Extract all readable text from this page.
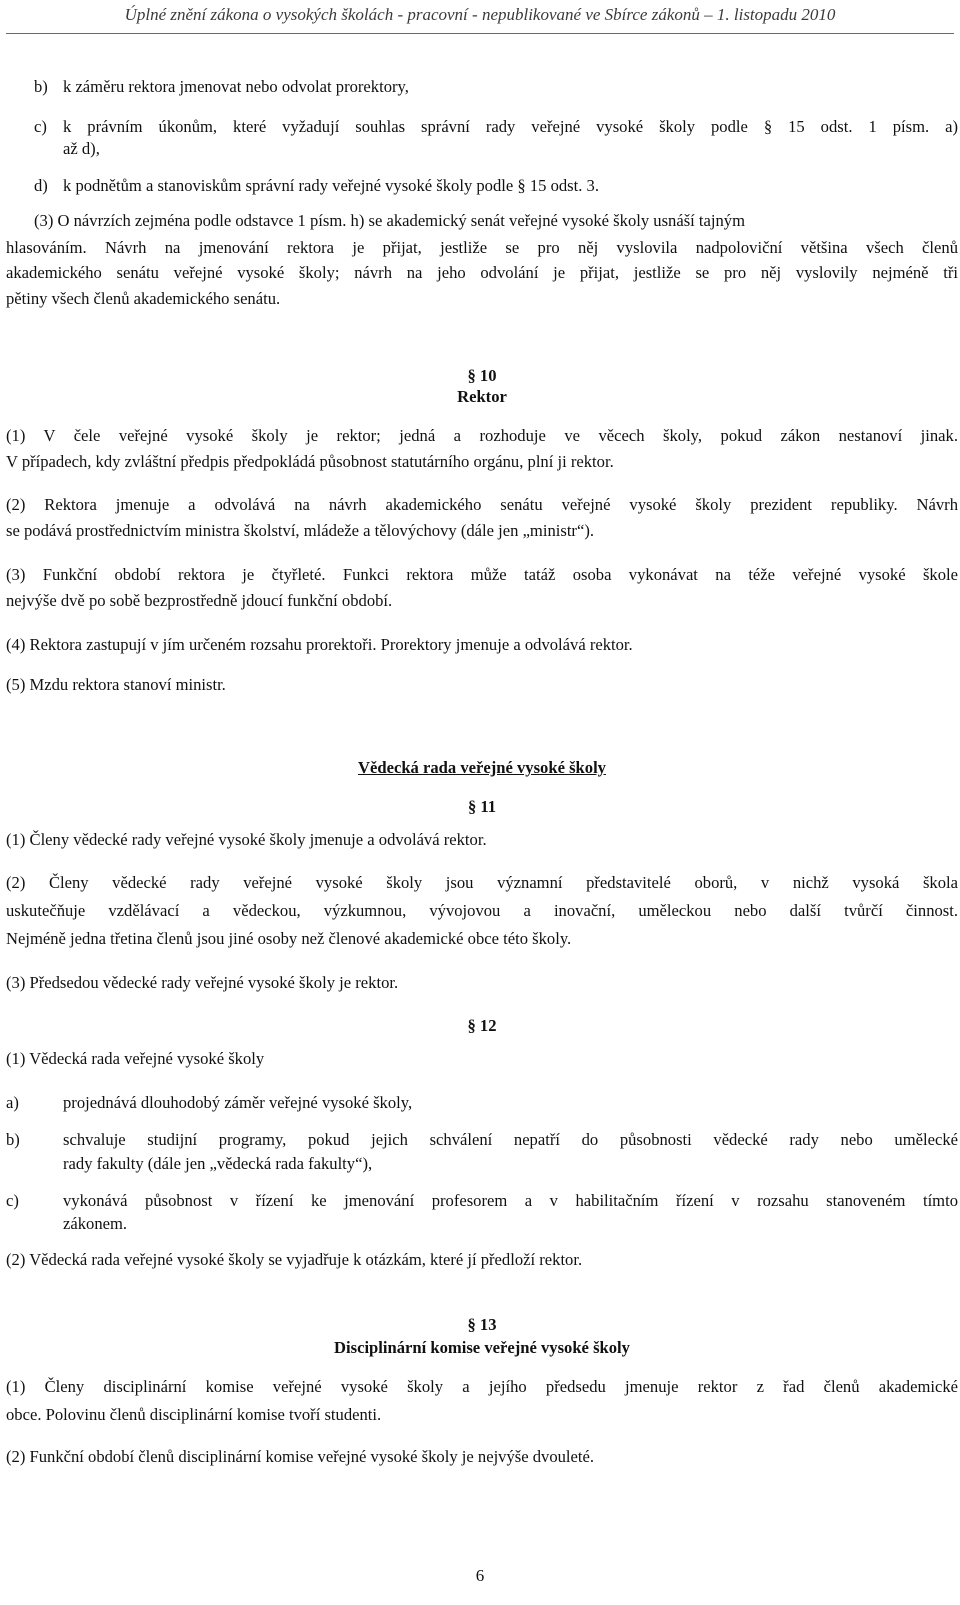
Úplné znění zákona o vysokých školách - pracovní - nepublikované ve Sbírce zákonů – 1. listopadu 2010
b) k záměru rektora jmenovat nebo odvolat prorektory,
c) k právním úkonům, které vyžadují souhlas správní rady veřejné vysoké školy podle § 15 odst. 1 písm. a)
až d),
d) k podnětům a stanoviskům správní rady veřejné vysoké školy podle § 15 odst. 3.
(3) O návrzích zejména podle odstavce 1 písm. h) se akademický senát veřejné vysoké školy usnáší tajným
hlasováním. Návrh na jmenování rektora je přijat, jestliže se pro něj vyslovila nadpoloviční většina všech členů
akademického senátu veřejné vysoké školy; návrh na jeho odvolání je přijat, jestliže se pro něj vyslovily nejméně tři
pětiny všech členů akademického senátu.
§ 10
Rektor
(1) V čele veřejné vysoké školy je rektor; jedná a rozhoduje ve věcech školy, pokud zákon nestanoví jinak.
V případech, kdy zvláštní předpis předpokládá působnost statutárního orgánu, plní ji rektor.
(2) Rektora jmenuje a odvolává na návrh akademického senátu veřejné vysoké školy prezident republiky. Návrh
se podává prostřednictvím ministra školství, mládeže a tělovýchovy (dále jen „ministr“).
(3) Funkční období rektora je čtyřleté. Funkci rektora může tatáž osoba vykonávat na téže veřejné vysoké škole
nejvýše dvě po sobě bezprostředně jdoucí funkční období.
(4) Rektora zastupují v jím určeném rozsahu prorektoři. Prorektory jmenuje a odvolává rektor.
(5) Mzdu rektora stanoví ministr.
Vědecká rada veřejné vysoké školy
§ 11
(1) Členy vědecké rady veřejné vysoké školy jmenuje a odvolává rektor.
(2) Členy vědecké rady veřejné vysoké školy jsou významní představitelé oborů, v nichž vysoká škola
uskutečňuje vzdělávací a vědeckou, výzkumnou, vývojovou a inovační, uměleckou nebo další tvůrčí činnost.
Nejméně jedna třetina členů jsou jiné osoby než členové akademické obce této školy.
(3) Předsedou vědecké rady veřejné vysoké školy je rektor.
§ 12
(1) Vědecká rada veřejné vysoké školy
a)	projednává dlouhodobý záměr veřejné vysoké školy,
b)	schvaluje studijní programy, pokud jejich schválení nepatří do působnosti vědecké rady nebo umělecké
rady fakulty (dále jen „vědecká rada fakulty“),
c)	vykonává působnost v řízení ke jmenování profesorem a v habilitačním řízení v rozsahu stanoveném tímto
zákonem.
(2) Vědecká rada veřejné vysoké školy se vyjadřuje k otázkám, které jí předloží rektor.
§ 13
Disciplinární komise veřejné vysoké školy
(1) Členy disciplinární komise veřejné vysoké školy a jejího předsedu jmenuje rektor z řad členů akademické
obce. Polovinu členů disciplinární komise tvoří studenti.
(2) Funkční období členů disciplinární komise veřejné vysoké školy je nejvýše dvouleté.
6
